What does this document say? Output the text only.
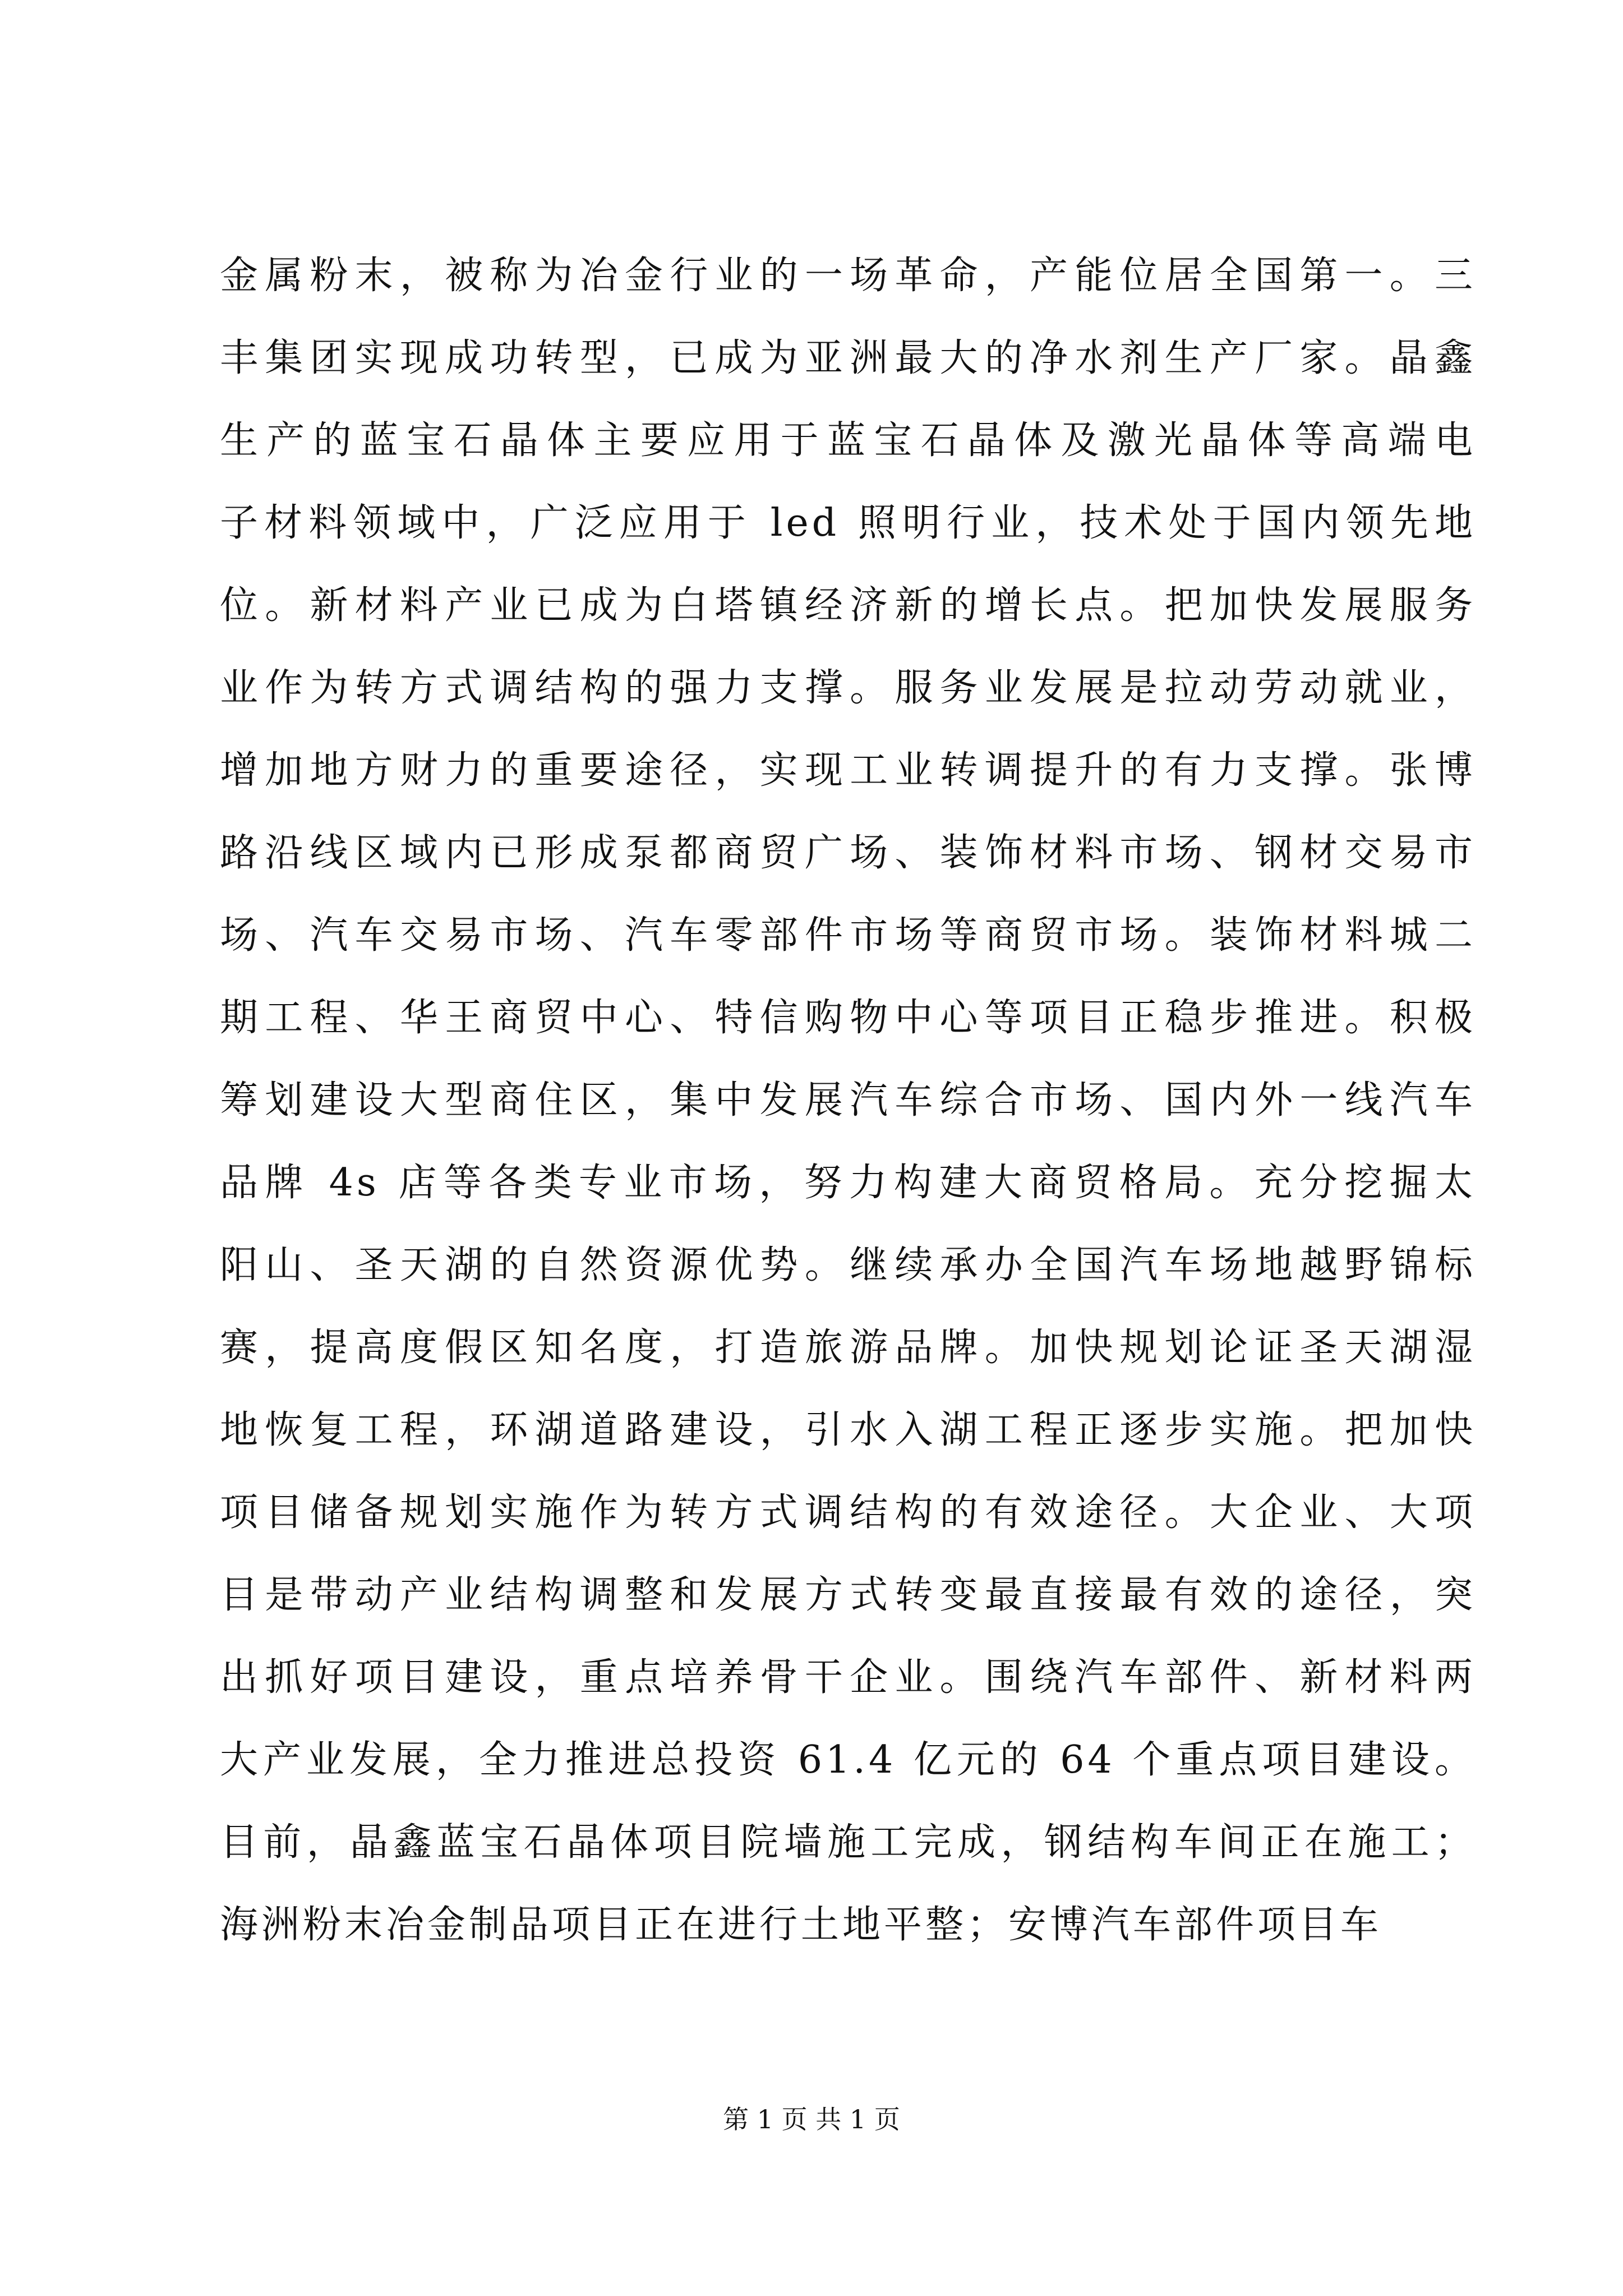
金属粉末，被称为冶金行业的一场革命，产能位居全国第一。三
丰集团实现成功转型，已成为亚洲最大的净水剂生产厂家。晶鑫
生产的蓝宝石晶体主要应用于蓝宝石晶体及激光晶体等高端电
子材料领域中，广泛应用于 led 照明行业，技术处于国内领先地
位。新材料产业已成为白塔镇经济新的增长点。把加快发展服务
业作为转方式调结构的强力支撑。服务业发展是拉动劳动就业，
增加地方财力的重要途径，实现工业转调提升的有力支撑。张博
路沿线区域内已形成泵都商贸广场、装饰材料市场、钢材交易市
场、汽车交易市场、汽车零部件市场等商贸市场。装饰材料城二
期工程、华王商贸中心、特信购物中心等项目正稳步推进。积极
筹划建设大型商住区，集中发展汽车综合市场、国内外一线汽车
品牌 4s 店等各类专业市场，努力构建大商贸格局。充分挖掘太
阳山、圣天湖的自然资源优势。继续承办全国汽车场地越野锦标
赛，提高度假区知名度，打造旅游品牌。加快规划论证圣天湖湿
地恢复工程，环湖道路建设，引水入湖工程正逐步实施。把加快
项目储备规划实施作为转方式调结构的有效途径。大企业、大项
目是带动产业结构调整和发展方式转变最直接最有效的途径，突
出抓好项目建设，重点培养骨干企业。围绕汽车部件、新材料两
大产业发展，全力推进总投资 61.4 亿元的 64 个重点项目建设。
目前，晶鑫蓝宝石晶体项目院墙施工完成，钢结构车间正在施工；
海洲粉末冶金制品项目正在进行土地平整；安博汽车部件项目车
第 1 页 共 1 页
